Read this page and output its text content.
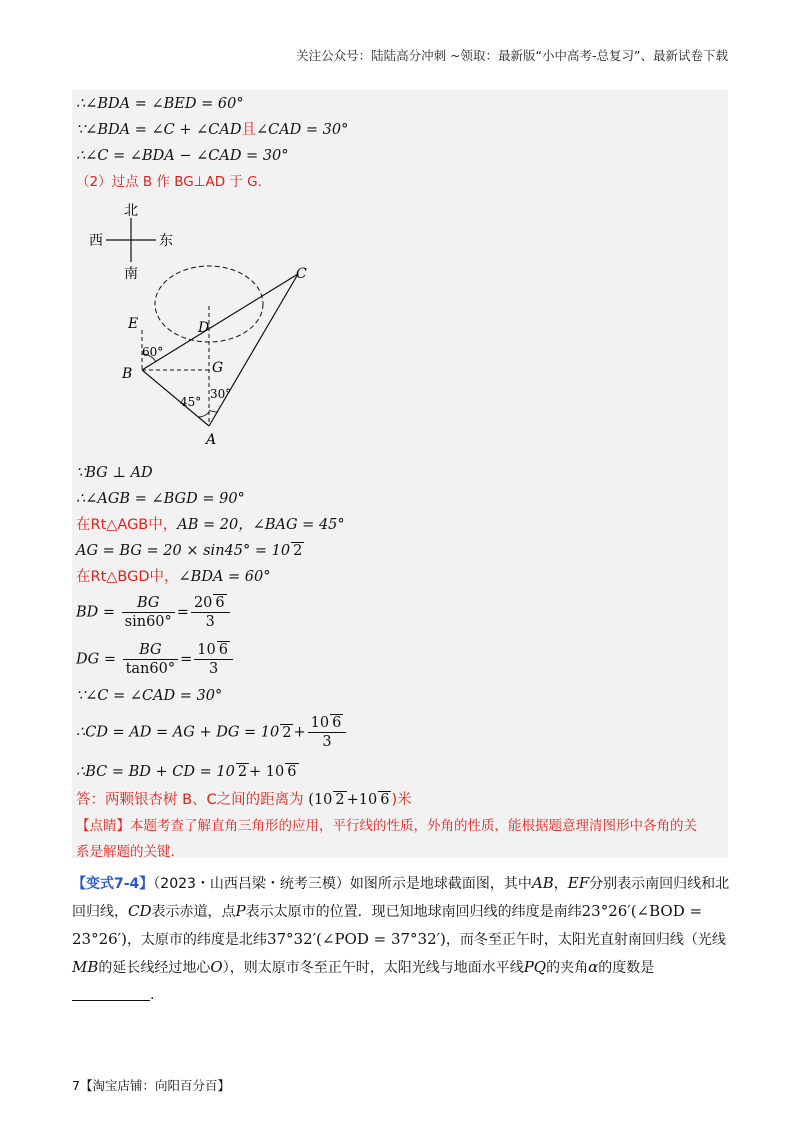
关注公众号：陆陆高分冲刺 ~领取：最新版“小中高考-总复习”、最新试卷下载
∴∠BDA = ∠BED = 60°
∵∠BDA = ∠C + ∠CAD且∠CAD = 30°
∴∠C = ∠BDA − ∠CAD = 30°
（2）过点 B 作 BG⊥AD 于 G.
北
南
西	东
E	D
B	G
A
C
60°
45°
30°
∵BG ⊥ AD
∴∠AGB = ∠BGD = 90°
在Rt△AGB中，AB = 20，∠BAG = 45°
AG = BG = 20 × sin45° = 10 2
在Rt△BGD中，∠BDA = 60°
BD = $\frac{BG}{\sin 60^\circ} = \frac{20 6}{3}$
DG = $\frac{BG}{\tan 60^\circ} = \frac{10 6}{3}$
∵∠C = ∠CAD = 30°
∴CD = AD = AG + DG = 10 $2 + \frac{10 6}{3}$
∴BC = BD + CD = 10 2 + 10 6
答：两颗银杏树 B、C之间的距离为 (10 2 +10 6 )米
【点睛】本题考查了解直角三角形的应用，平行线的性质，外角的性质，能根据题意理清图形中各角的关
系是解题的关键.
【变式7-4】（2023・山西吕梁・统考三模）如图所示是地球截面图，其中AB，EF分别表示南回归线和北回归线，CD表示赤道，点P表示太原市的位置．现已知地球南回归线的纬度是南纬23°26′(∠BOD = 23°26′)，太原市的纬度是北纬37°32′(∠POD = 37°32′)，而冬至正午时，太阳光直射南回归线（光线MB的延长线经过地心O），则太原市冬至正午时，太阳光线与地面水平线PQ的夹角α的度数是.
7【淘宝店铺：向阳百分百】
